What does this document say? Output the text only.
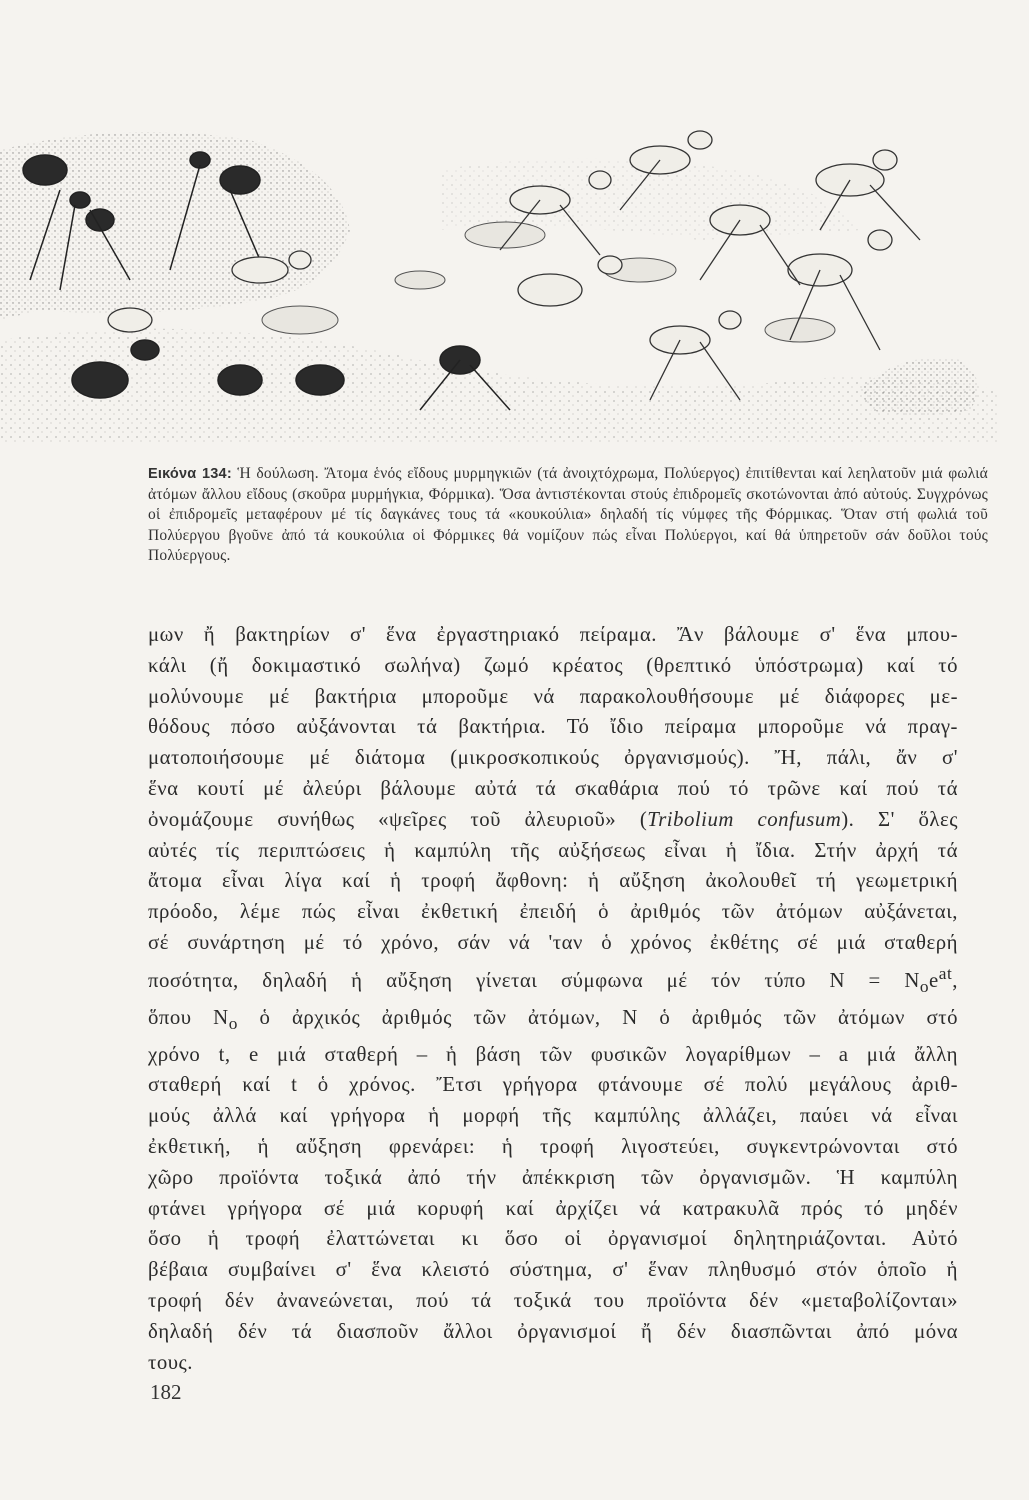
Εικόνα 134: Ἡ δούλωση. Ἄτομα ἑνός εἴδους μυρμηγκιῶν (τά ἀνοιχτόχρωμα, Πολύεργος) ἐπιτίθενται καί λεηλατοῦν μιά φωλιά ἀτόμων ἄλλου εἴδους (σκοῦρα μυρμήγκια, Φόρμικα). Ὅσα ἀντιστέκονται στούς ἐπιδρομεῖς σκοτώνονται ἀπό αὐτούς. Συγχρόνως οἱ ἐπιδρομεῖς μεταφέρουν μέ τίς δαγκάνες τους τά «κουκούλια» δηλαδή τίς νύμφες τῆς Φόρμικας. Ὅταν στή φωλιά τοῦ Πολύεργου βγοῦνε ἀπό τά κουκούλια οἱ Φόρμικες θά νομίζουν πώς εἶναι Πολύεργοι, καί θά ὑπηρετοῦν σάν δοῦλοι τούς Πολύεργους.

μων ἤ βακτηρίων σ' ἕνα ἐργαστηριακό πείραμα. Ἄν βάλουμε σ' ἕνα μπου-

κάλι (ἤ δοκιμαστικό σωλήνα) ζωμό κρέατος (θρεπτικό ὑπόστρωμα) καί τό

μολύνουμε μέ βακτήρια μποροῦμε νά παρακολουθήσουμε μέ διάφορες με-

θόδους πόσο αὐξάνονται τά βακτήρια. Τό ἴδιο πείραμα μποροῦμε νά πραγ-

ματοποιήσουμε μέ διάτομα (μικροσκοπικούς ὀργανισμούς). Ἤ, πάλι, ἄν σ'

ἕνα κουτί μέ ἀλεύρι βάλουμε αὐτά τά σκαθάρια πού τό τρῶνε καί πού τά

ὀνομάζουμε συνήθως «ψεῖρες τοῦ ἀλευριοῦ» (Tribolium confusum). Σ' ὅλες

αὐτές τίς περιπτώσεις ἡ καμπύλη τῆς αὐξήσεως εἶναι ἡ ἴδια. Στήν ἀρχή τά

ἄτομα εἶναι λίγα καί ἡ τροφή ἄφθονη: ἡ αὔξηση ἀκολουθεῖ τή γεωμετρική

πρόοδο, λέμε πώς εἶναι ἐκθετική ἐπειδή ὁ ἀριθμός τῶν ἀτόμων αὐξάνεται,

σέ συνάρτηση μέ τό χρόνο, σάν νά 'ταν ὁ χρόνος ἐκθέτης σέ μιά σταθερή

ποσότητα, δηλαδή ἡ αὔξηση γίνεται σύμφωνα μέ τόν τύπο $N = N_oe^{at}$,

ὅπου $N_o$ ὁ ἀρχικός ἀριθμός τῶν ἀτόμων, N ὁ ἀριθμός τῶν ἀτόμων στό

χρόνο t, e μιά σταθερή – ἡ βάση τῶν φυσικῶν λογαρίθμων – a μιά ἄλλη

σταθερή καί t ὁ χρόνος. Ἔτσι γρήγορα φτάνουμε σέ πολύ μεγάλους ἀριθ-

μούς ἀλλά καί γρήγορα ἡ μορφή τῆς καμπύλης ἀλλάζει, παύει νά εἶναι

ἐκθετική, ἡ αὔξηση φρενάρει: ἡ τροφή λιγοστεύει, συγκεντρώνονται στό

χῶρο προϊόντα τοξικά ἀπό τήν ἀπέκκριση τῶν ὀργανισμῶν. Ἡ καμπύλη

φτάνει γρήγορα σέ μιά κορυφή καί ἀρχίζει νά κατρακυλᾶ πρός τό μηδέν

ὅσο ἡ τροφή ἐλαττώνεται κι ὅσο οἱ ὀργανισμοί δηλητηριάζονται. Αὐτό

βέβαια συμβαίνει σ' ἕνα κλειστό σύστημα, σ' ἕναν πληθυσμό στόν ὁποῖο ἡ

τροφή δέν ἀνανεώνεται, πού τά τοξικά του προϊόντα δέν «μεταβολίζονται»

δηλαδή δέν τά διασποῦν ἄλλοι ὀργανισμοί ἤ δέν διασπῶνται ἀπό μόνα

τους.

182
